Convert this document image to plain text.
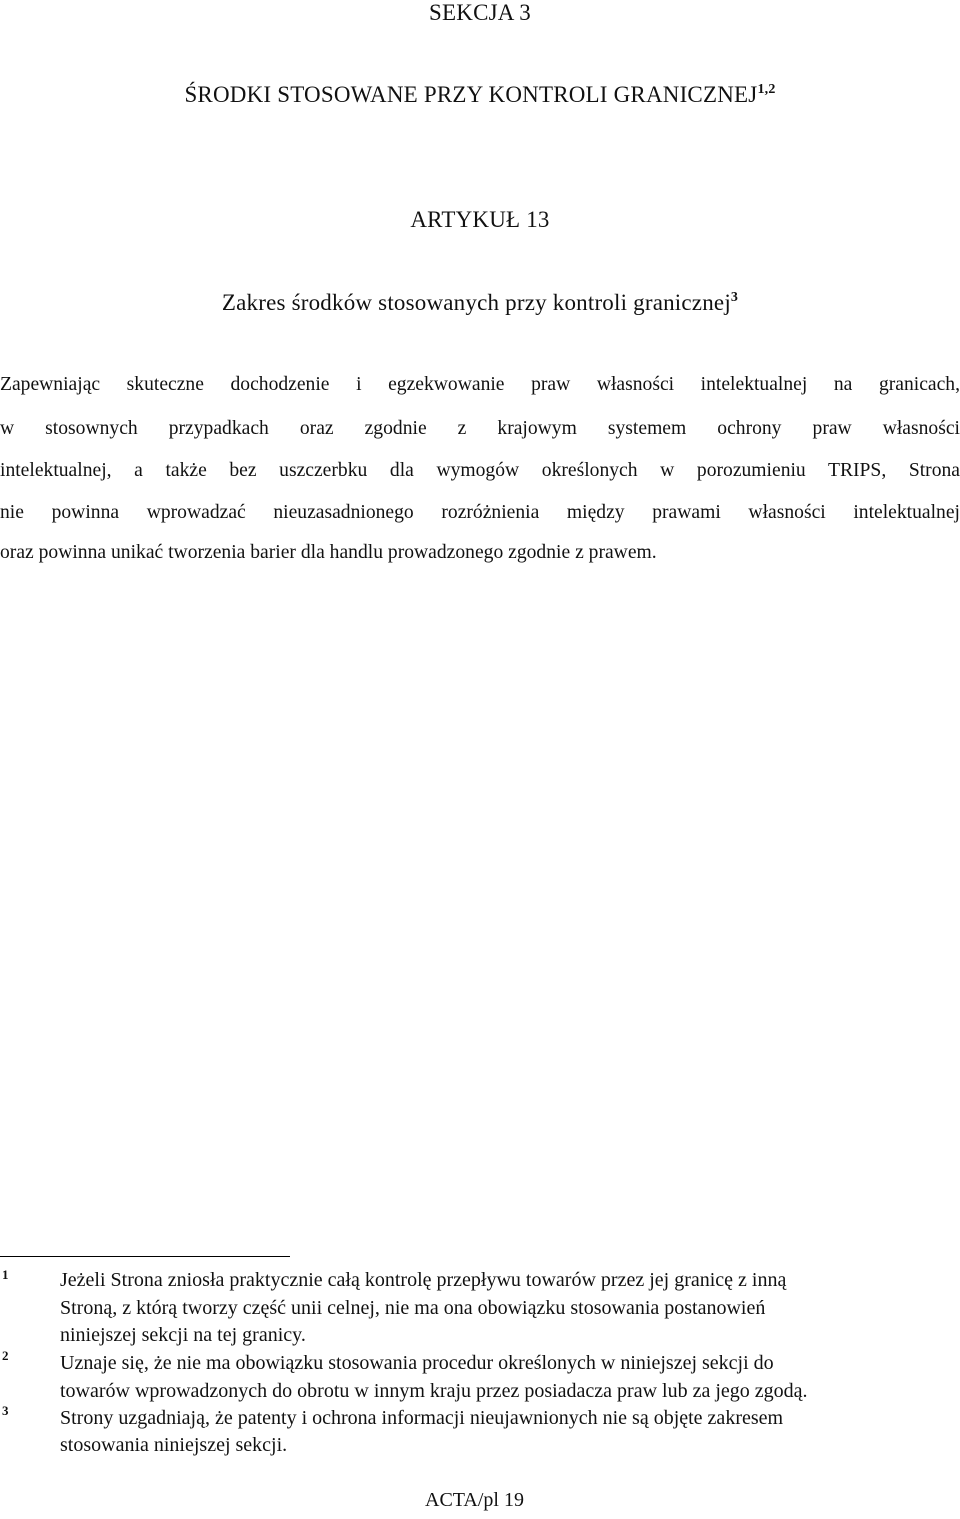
SEKCJA 3
ŚRODKI STOSOWANE PRZY KONTROLI GRANICZNEJ$^{1,2}$
ARTYKUŁ 13
Zakres środków stosowanych przy kontroli granicznej$^3$
Zapewniając skuteczne dochodzenie i egzekwowanie praw własności intelektualnej na granicach,
w stosownych przypadkach oraz zgodnie z krajowym systemem ochrony praw własności
intelektualnej, a także bez uszczerbku dla wymogów określonych w porozumieniu TRIPS, Strona
nie powinna wprowadzać nieuzasadnionego rozróżnienia między prawami własności intelektualnej
oraz powinna unikać tworzenia barier dla handlu prowadzonego zgodnie z prawem.
1	Jeżeli Strona zniosła praktycznie całą kontrolę przepływu towarów przez jej granicę z inną
Stroną, z którą tworzy część unii celnej, nie ma ona obowiązku stosowania postanowień
niniejszej sekcji na tej granicy.
2	Uznaje się, że nie ma obowiązku stosowania procedur określonych w niniejszej sekcji do
towarów wprowadzonych do obrotu w innym kraju przez posiadacza praw lub za jego zgodą.
3	Strony uzgadniają, że patenty i ochrona informacji nieujawnionych nie są objęte zakresem
stosowania niniejszej sekcji.
ACTA/pl 19
